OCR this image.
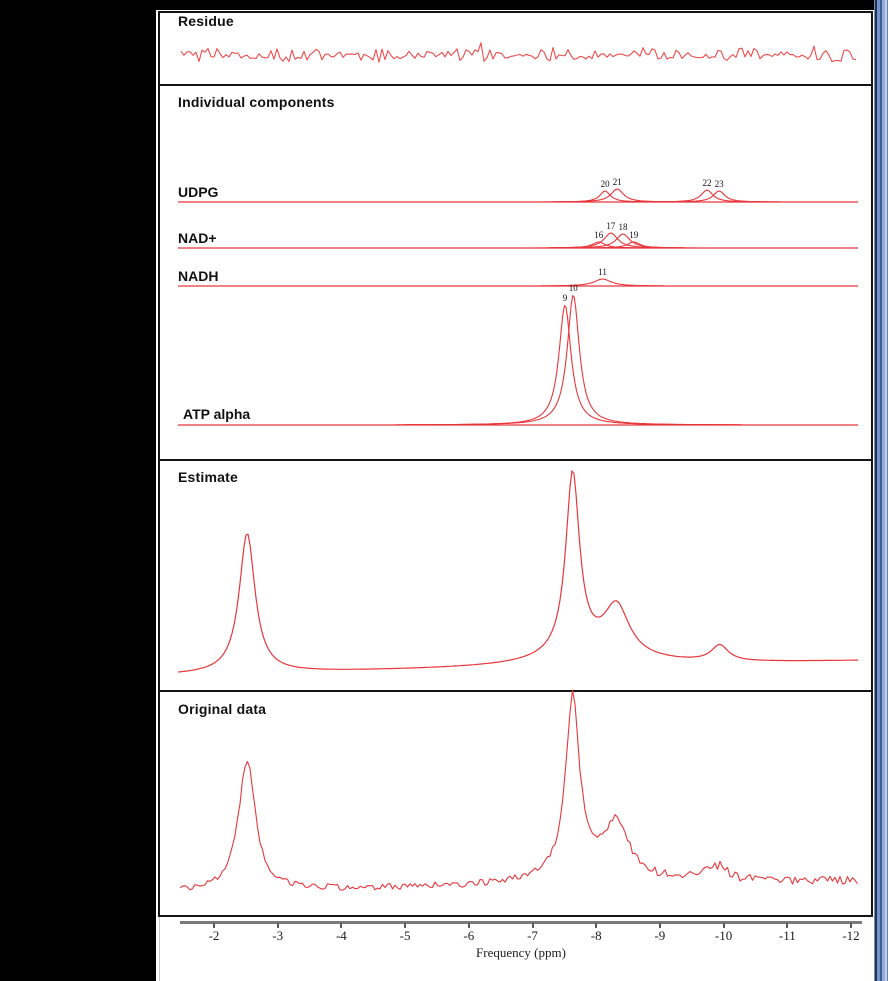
Residue
Individual components
Estimate
Original data
UDPG
NAD+
NADH
ATP alpha
20 21	22 23
16
17 18
19
11
9
10
-2	-3	-4	-5	-6	-7	-8	-9	-10	-11	-12
Frequency (ppm)
